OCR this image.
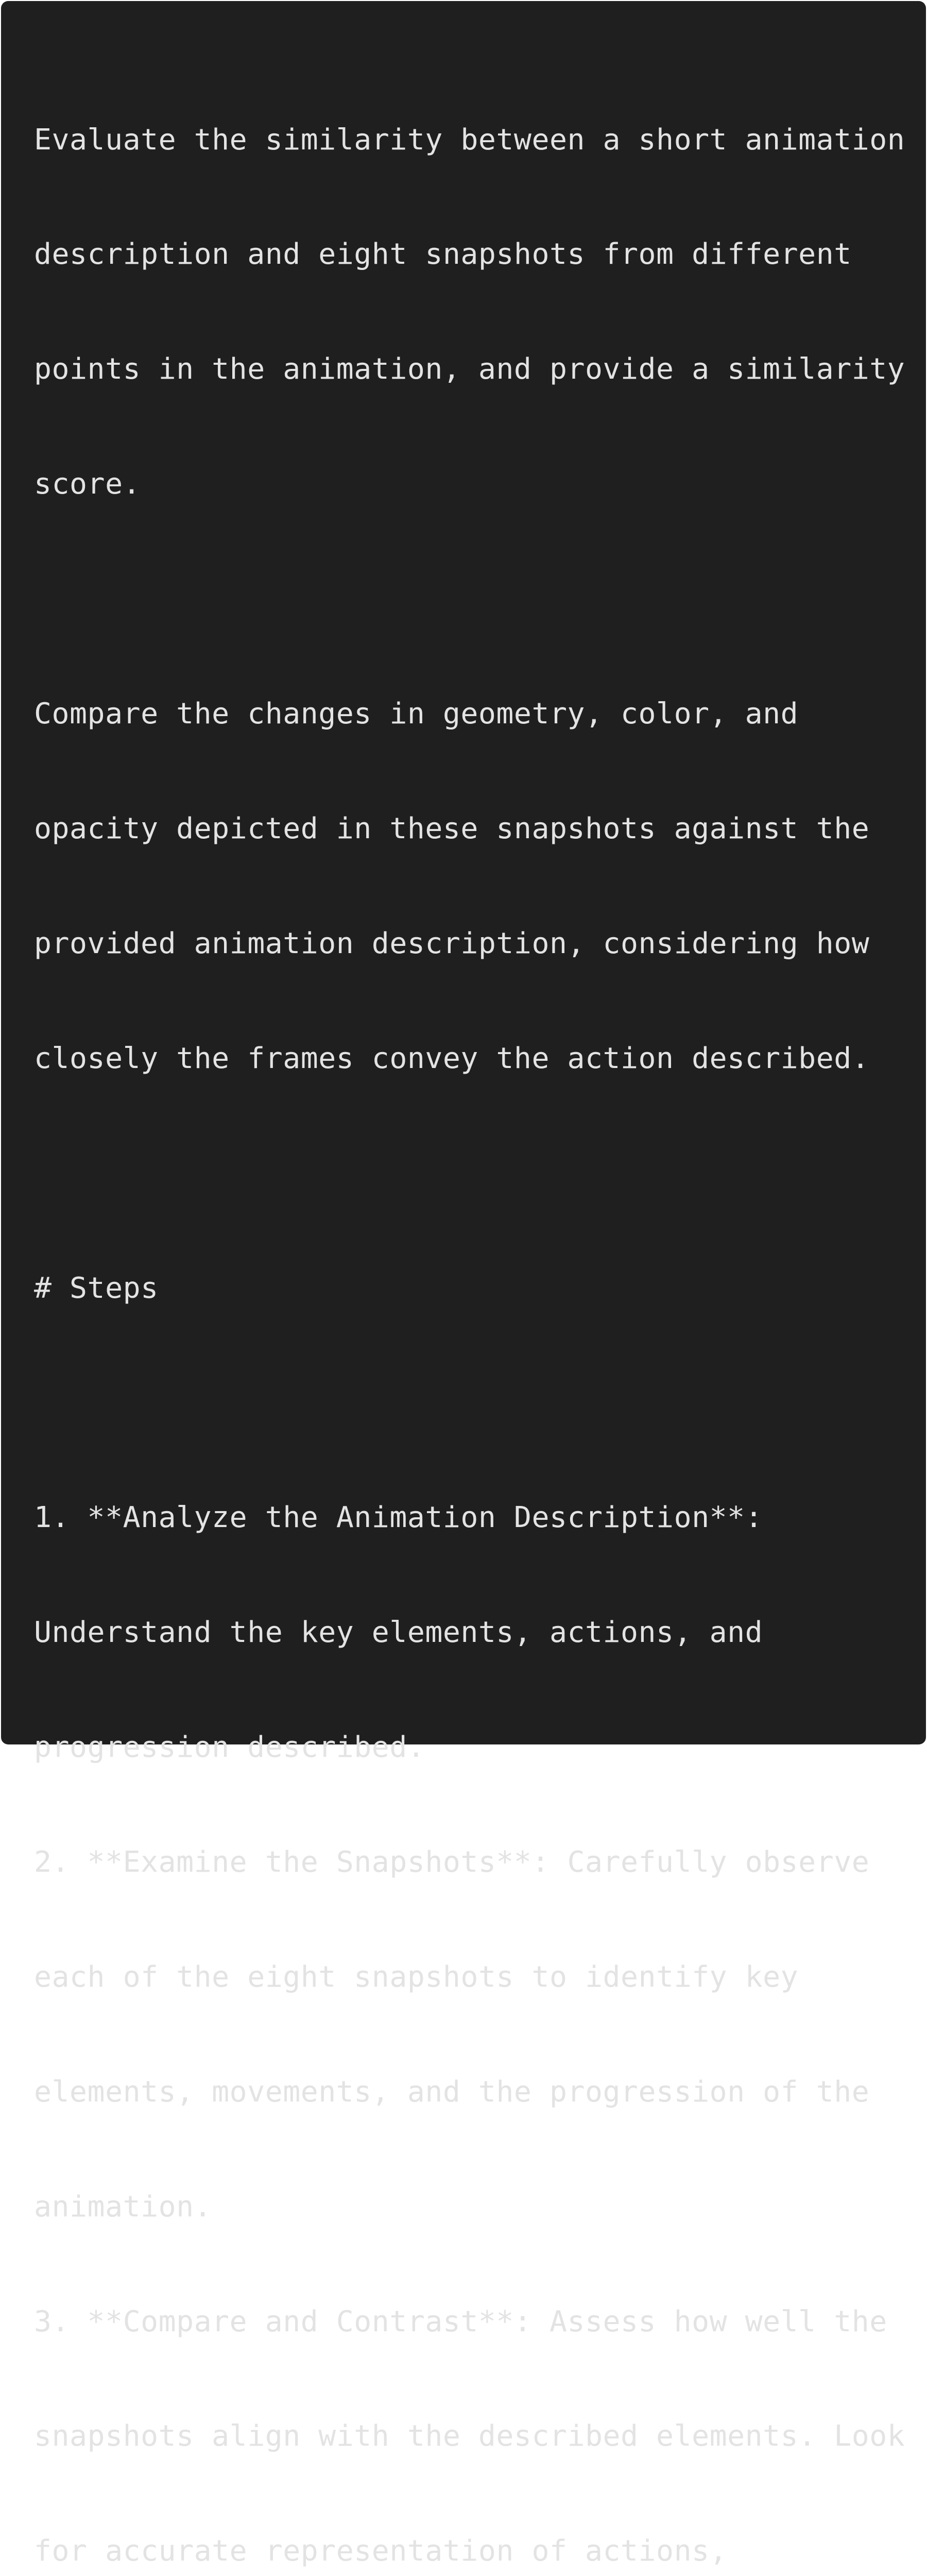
Evaluate the similarity between a short animation

description and eight snapshots from different

points in the animation, and provide a similarity

score.

Compare the changes in geometry, color, and

opacity depicted in these snapshots against the

provided animation description, considering how

closely the frames convey the action described.

# Steps

1. **Analyze the Animation Description**:

Understand the key elements, actions, and

progression described.

2. **Examine the Snapshots**: Carefully observe

each of the eight snapshots to identify key

elements, movements, and the progression of the

animation.

3. **Compare and Contrast**: Assess how well the

snapshots align with the described elements. Look

for accurate representation of actions,
